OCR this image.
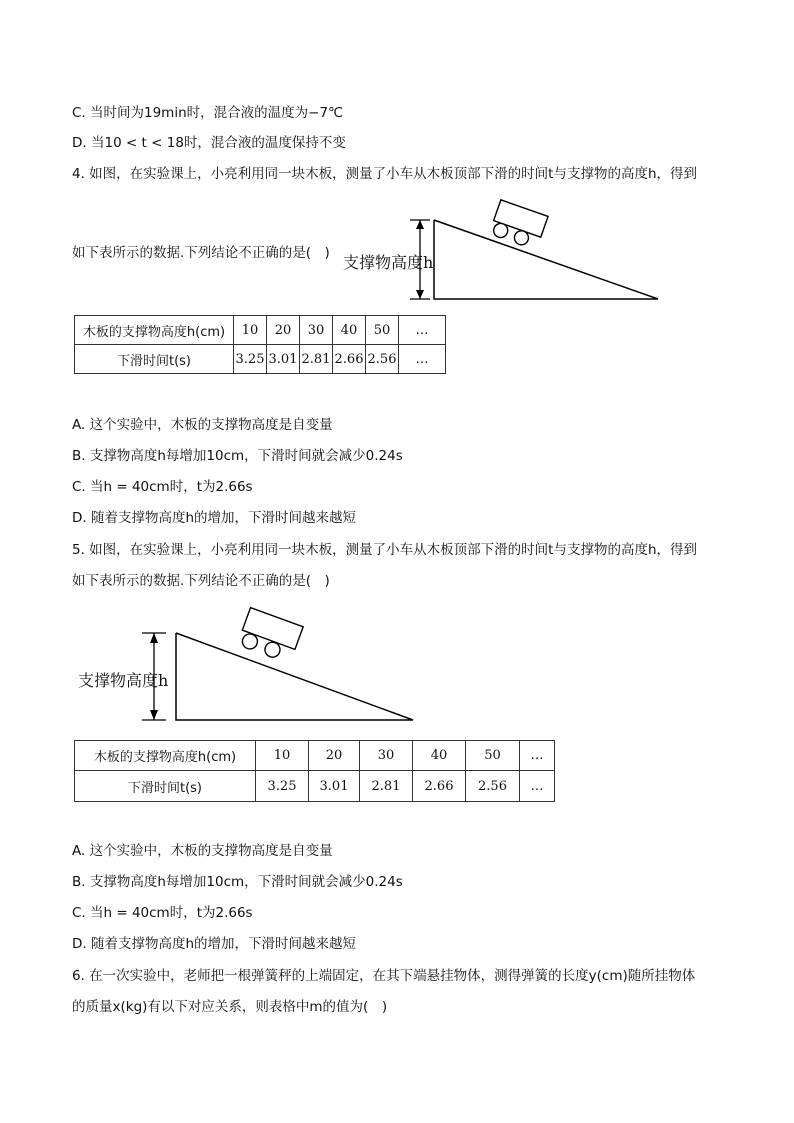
C. 当时间为19min时，混合液的温度为−7℃
D. 当10 < t < 18时，混合液的温度保持不变
4. 如图，在实验课上，小亮利用同一块木板，测量了小车从木板顶部下滑的时间t与支撑物的高度h，得到
支撑物高度h
如下表所示的数据.下列结论不正确的是(　)
木板的支撑物高度h(cm)	10	20	30	40	50	…
下滑时间t(s)	3.25	3.01	2.81	2.66	2.56	…
A. 这个实验中，木板的支撑物高度是自变量
B. 支撑物高度h每增加10cm，下滑时间就会减少0.24s
C. 当h = 40cm时，t为2.66s
D. 随着支撑物高度h的增加，下滑时间越来越短
5. 如图，在实验课上，小亮利用同一块木板，测量了小车从木板顶部下滑的时间t与支撑物的高度h，得到
如下表所示的数据.下列结论不正确的是(　)
支撑物高度h
木板的支撑物高度h(cm)	10	20	30	40	50	…
下滑时间t(s)	3.25	3.01	2.81	2.66	2.56	…
A. 这个实验中，木板的支撑物高度是自变量
B. 支撑物高度h每增加10cm，下滑时间就会减少0.24s
C. 当h = 40cm时，t为2.66s
D. 随着支撑物高度h的增加，下滑时间越来越短
6. 在一次实验中，老师把一根弹簧秤的上端固定，在其下端悬挂物体，测得弹簧的长度y(cm)随所挂物体
的质量x(kg)有以下对应关系，则表格中m的值为(　)
